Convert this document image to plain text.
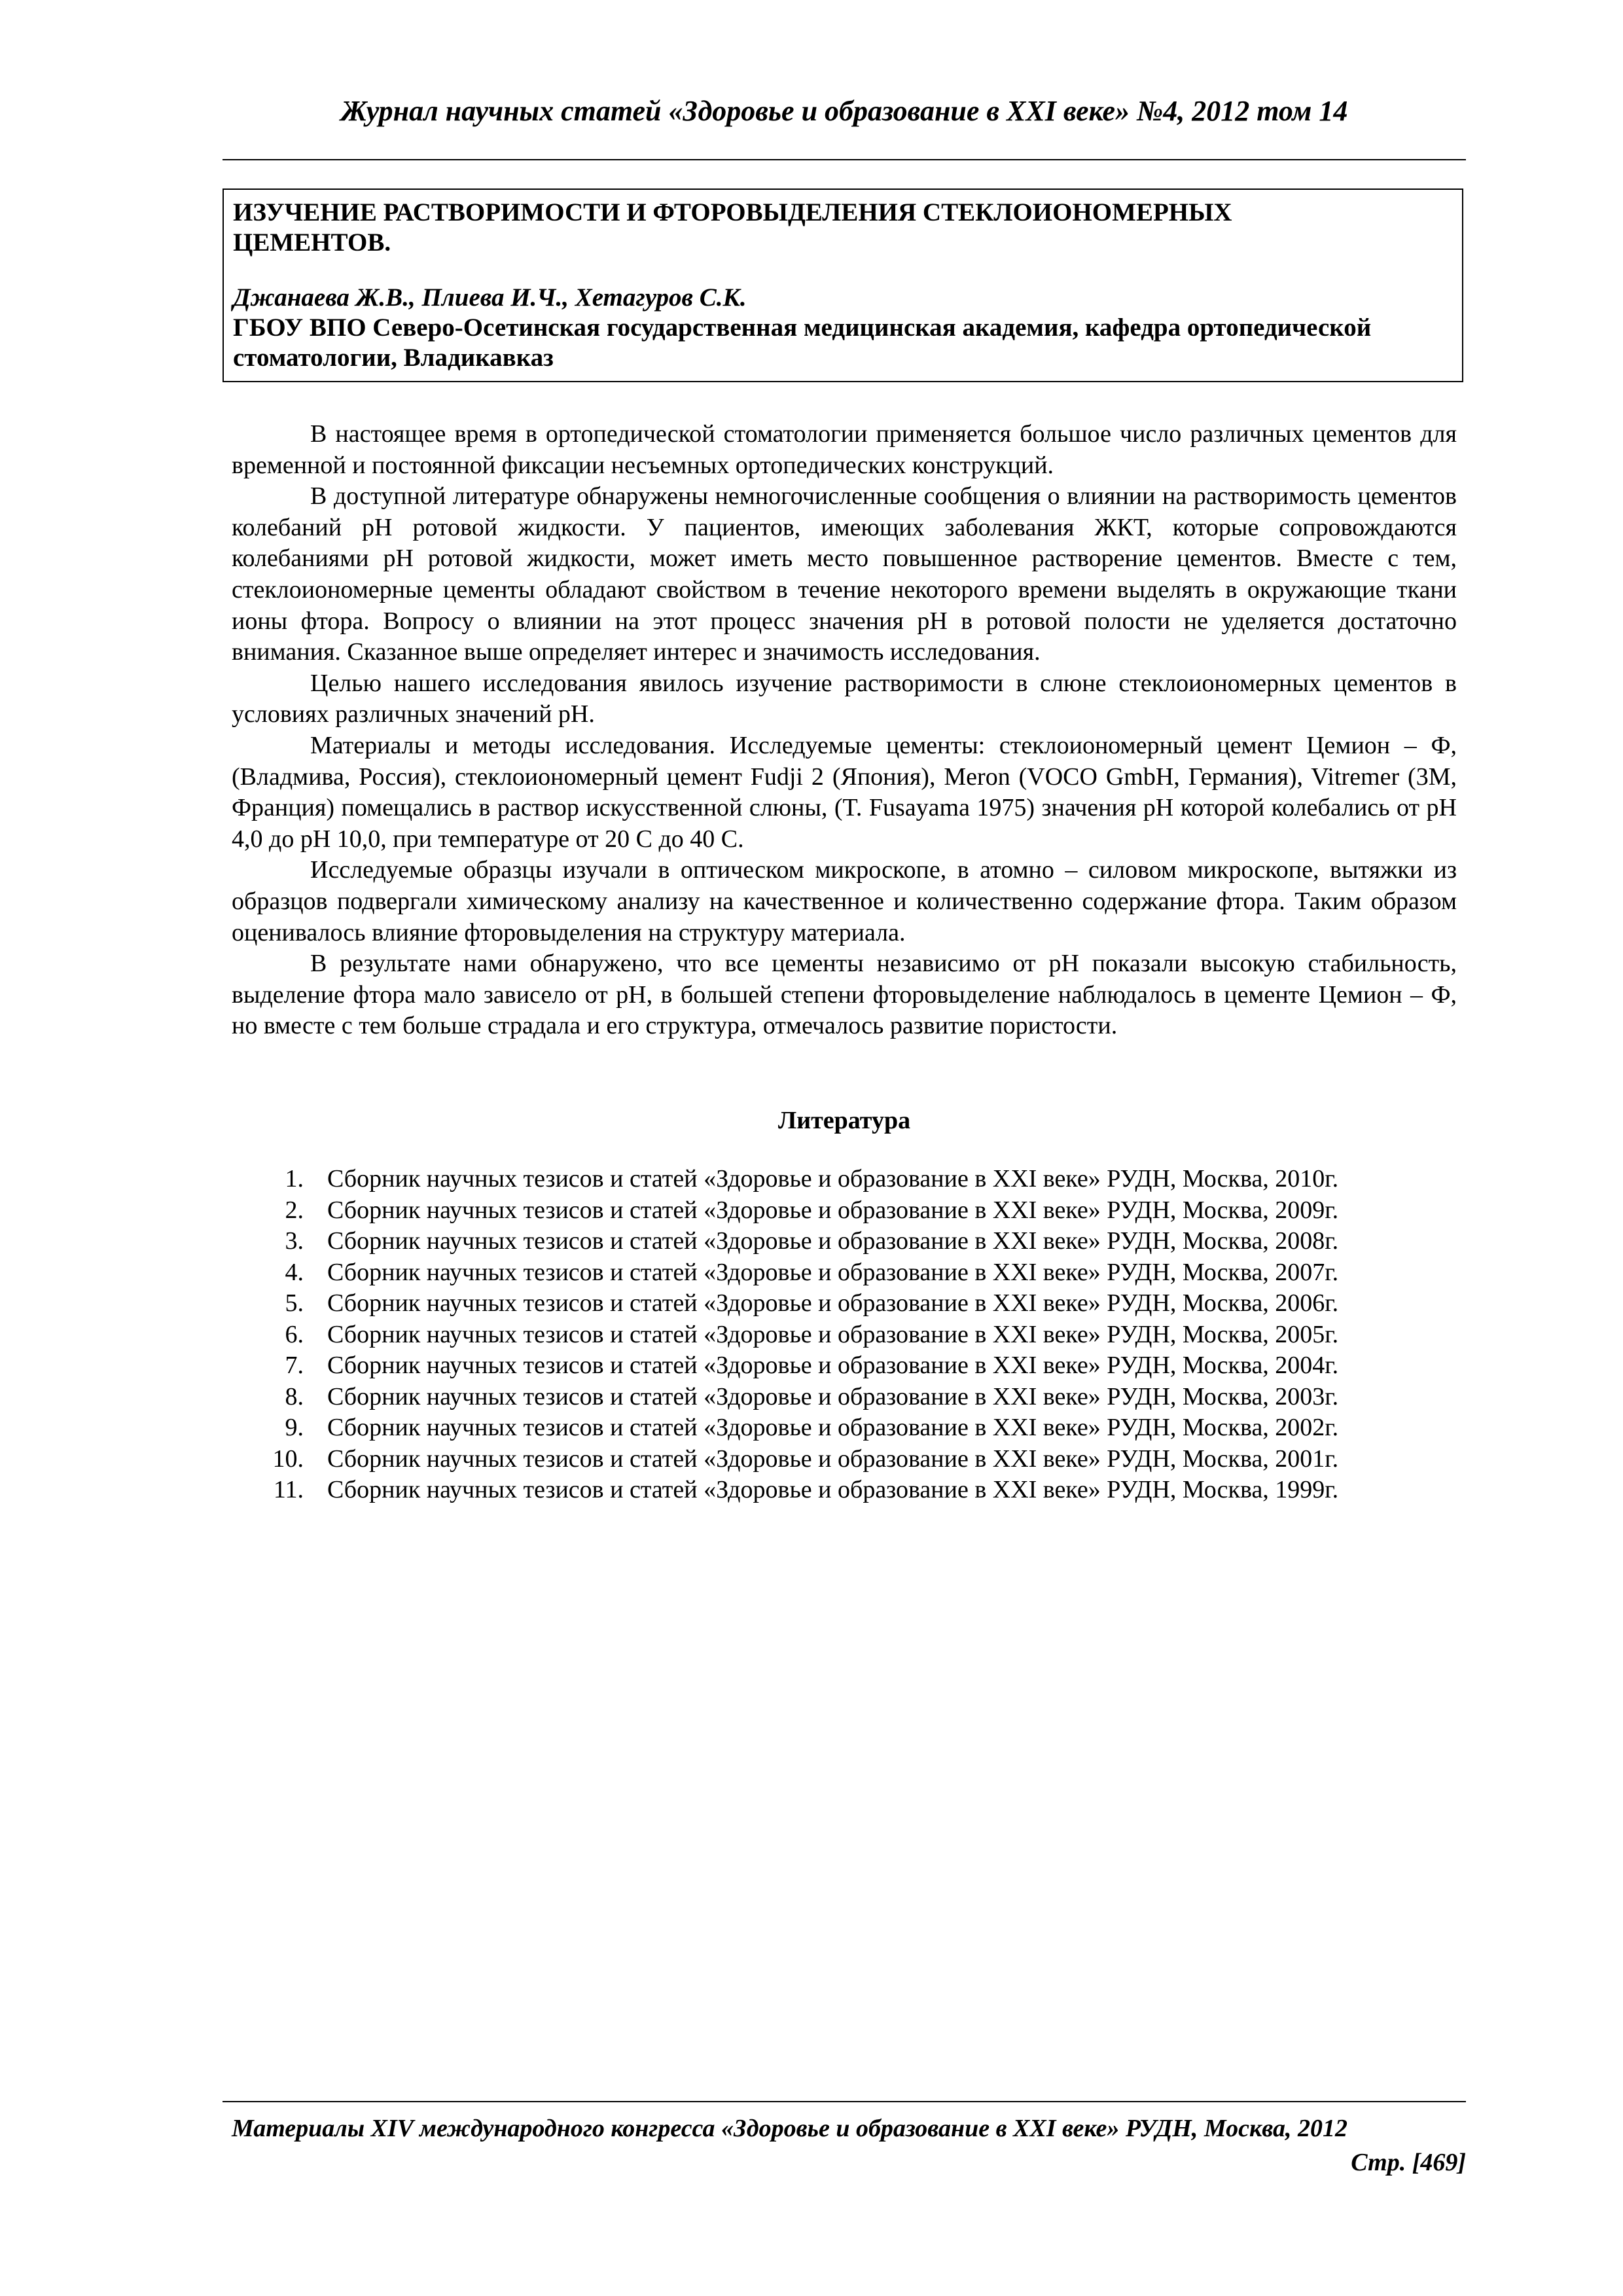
Журнал научных статей «Здоровье и образование в XXI веке» №4, 2012 том 14
ИЗУЧЕНИЕ РАСТВОРИМОСТИ И ФТОРОВЫДЕЛЕНИЯ СТЕКЛОИОНОМЕРНЫХ ЦЕМЕНТОВ.
Джанаева Ж.В., Плиева И.Ч., Хетагуров С.К.
ГБОУ ВПО Северо-Осетинская государственная медицинская академия, кафедра ортопедической стоматологии, Владикавказ

В настоящее время в ортопедической стоматологии применяется большое число различных цементов для временной и постоянной фиксации несъемных ортопедических конструкций.

В доступной литературе обнаружены немногочисленные сообщения о влиянии на растворимость цементов колебаний pH ротовой жидкости. У пациентов, имеющих заболевания ЖКТ, которые сопровождаются колебаниями pH ротовой жидкости, может иметь место повышенное растворение цементов. Вместе с тем, стеклоиономерные цементы обладают свойством в течение некоторого времени выделять в окружающие ткани ионы фтора. Вопросу о влиянии на этот процесс значения pH в ротовой полости не уделяется достаточно внимания. Сказанное выше определяет интерес и значимость исследования.

Целью нашего исследования явилось изучение растворимости в слюне стеклоиономерных цементов в условиях различных значений pH.

Материалы и методы исследования. Исследуемые цементы: стеклоиономерный цемент Цемион – Ф, (Владмива, Россия), стеклоиономерный цемент Fudji 2 (Япония), Meron (VOCO GmbH, Германия), Vitremer (3M, Франция) помещались в раствор искусственной слюны, (T. Fusayama 1975) значения pH которой колебались от pH 4,0 до pH 10,0, при температуре от 20 С до 40 С.

Исследуемые образцы изучали в оптическом микроскопе, в атомно – силовом микроскопе, вытяжки из образцов подвергали химическому анализу на качественное и количественно содержание фтора. Таким образом оценивалось влияние фторовыделения на структуру материала.

В результате нами обнаружено, что все цементы независимо от pH показали высокую стабильность, выделение фтора мало зависело от pH, в большей степени фторовыделение наблюдалось в цементе Цемион – Ф, но вместе с тем больше страдала и его структура, отмечалось развитие пористости.

Литература
1. Сборник научных тезисов и статей «Здоровье и образование в XXI веке» РУДН, Москва, 2010г.
2. Сборник научных тезисов и статей «Здоровье и образование в XXI веке» РУДН, Москва, 2009г.
3. Сборник научных тезисов и статей «Здоровье и образование в XXI веке» РУДН, Москва, 2008г.
4. Сборник научных тезисов и статей «Здоровье и образование в XXI веке» РУДН, Москва, 2007г.
5. Сборник научных тезисов и статей «Здоровье и образование в XXI веке» РУДН, Москва, 2006г.
6. Сборник научных тезисов и статей «Здоровье и образование в XXI веке» РУДН, Москва, 2005г.
7. Сборник научных тезисов и статей «Здоровье и образование в XXI веке» РУДН, Москва, 2004г.
8. Сборник научных тезисов и статей «Здоровье и образование в XXI веке» РУДН, Москва, 2003г.
9. Сборник научных тезисов и статей «Здоровье и образование в XXI веке» РУДН, Москва, 2002г.
10. Сборник научных тезисов и статей «Здоровье и образование в XXI веке» РУДН, Москва, 2001г.
11. Сборник научных тезисов и статей «Здоровье и образование в XXI веке» РУДН, Москва, 1999г.
Материалы XIV международного конгресса «Здоровье и образование в XXI веке» РУДН, Москва, 2012
Стр. [469]
